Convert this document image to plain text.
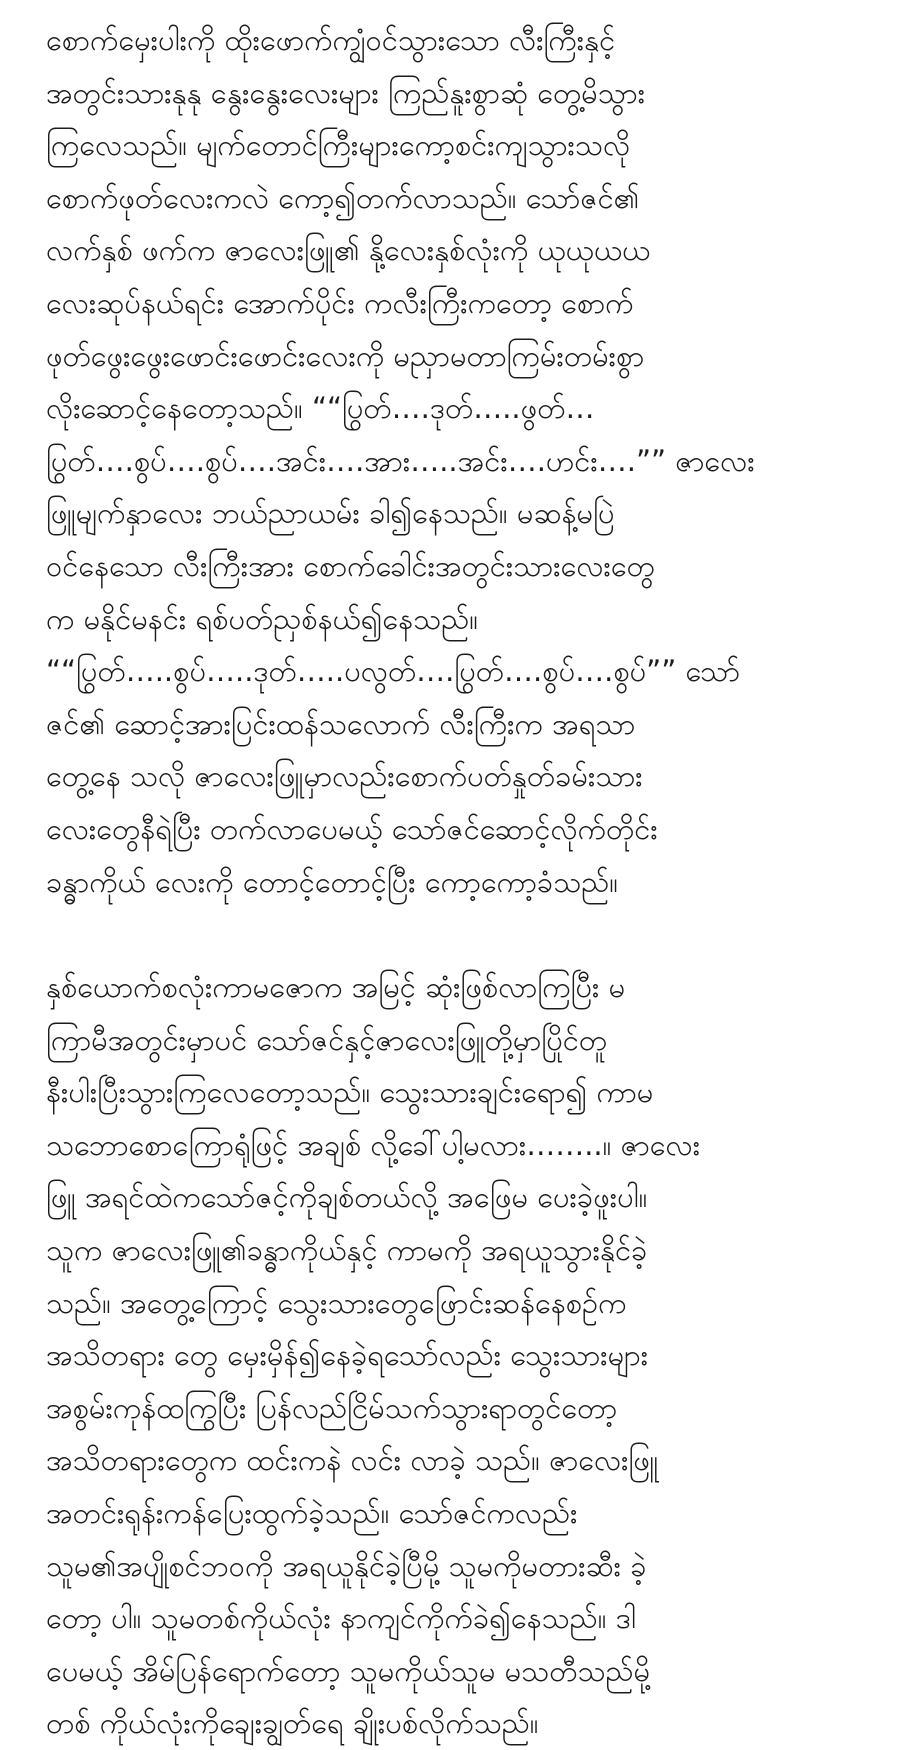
စောက်မှေးပါးကို ထိုးဖောက်ကျွံဝင်သွားသော လီးကြီးနှင့်
အတွင်းသားနုနု နွေးနွေးလေးများ ကြည်နူးစွာဆုံ တွေ့မိသွား
ကြလေသည်။ မျက်တောင်ကြီးများကော့စင်းကျသွားသလို
စောက်ဖုတ်လေးကလဲ ကော့၍တက်လာသည်။ သော်ဇင်၏
လက်နှစ် ဖက်က ဇာလေးဖြူ၏ နို့လေးနှစ်လုံးကို ယုယုယယ
လေးဆုပ်နယ်ရင်း အောက်ပိုင်း ကလီးကြီးကတော့ စောက်
ဖုတ်ဖွေးဖွေးဖောင်းဖောင်းလေးကို မညှာမတာကြမ်းတမ်းစွာ
လိုးဆောင့်နေတော့သည်။ ““ပြွတ်….ဒုတ်…..ဖွတ်…
ပြွတ်….စွပ်….စွပ်….အင်း….အား…..အင်း….ဟင်း….”” ဇာလေး
ဖြူမျက်နှာလေး ဘယ်ညာယမ်း ခါ၍နေသည်။ မဆန့်မပြဲ
ဝင်နေသော လီးကြီးအား စောက်ခေါင်းအတွင်းသားလေးတွေ
က မနိုင်မနင်း ရစ်ပတ်ညှစ်နယ်၍နေသည်။
““ပြွတ်…..စွပ်…..ဒုတ်…..ပလွတ်….ပြွတ်….စွပ်….စွပ်”” သော်
ဇင်၏ ဆောင့်အားပြင်းထန်သလောက် လီးကြီးက အရသာ
တွေ့နေ သလို ဇာလေးဖြူမှာလည်းစောက်ပတ်နှုတ်ခမ်းသား
လေးတွေနီရဲပြီး တက်လာပေမယ့် သော်ဇင်ဆောင့်လိုက်တိုင်း
ခန္ဓာကိုယ် လေးကို တောင့်တောင့်ပြီး ကော့ကော့ခံသည်။
နှစ်ယောက်စလုံးကာမဇောက အမြင့် ဆုံးဖြစ်လာကြပြီး မ
ကြာမီအတွင်းမှာပင် သော်ဇင်နှင့်ဇာလေးဖြူတို့မှာပြိုင်တူ
နီးပါးပြီးသွားကြလေတော့သည်။ သွေးသားချင်းရော၍ ကာမ
သဘောစောကြောရုံဖြင့် အချစ် လို့ခေါ်ပါ့မလား……..။ ဇာလေး
ဖြူ အရင်ထဲကသော်ဇင့်ကိုချစ်တယ်လို့ အဖြေမ ပေးခဲ့ဖူးပါ။
သူက ဇာလေးဖြူ၏ခန္ဓာကိုယ်နှင့် ကာမကို အရယူသွားနိုင်ခဲ့
သည်။ အတွေ့ကြောင့် သွေးသားတွေဖြောင်းဆန်နေစဉ်က
အသိတရား တွေ မှေးမှိန်၍နေခဲ့ရသော်လည်း သွေးသားများ
အစွမ်းကုန်ထကြွပြီး ပြန်လည်ငြိမ်သက်သွားရာတွင်တော့
အသိတရားတွေက ထင်းကနဲ လင်း လာခဲ့ သည်။ ဇာလေးဖြူ
အတင်းရုန်းကန်ပြေးထွက်ခဲ့သည်။ သော်ဇင်ကလည်း
သူမ၏အပျိုစင်ဘဝကို အရယူနိုင်ခဲ့ပြီမို့ သူမကိုမတားဆီး ခဲ့
တော့ ပါ။ သူမတစ်ကိုယ်လုံး နာကျင်ကိုက်ခဲ၍နေသည်။ ဒါ
ပေမယ့် အိမ်ပြန်ရောက်တော့ သူမကိုယ်သူမ မသတီသည်မို့
တစ် ကိုယ်လုံးကိုချေးချွတ်ရေ ချိုးပစ်လိုက်သည်။
